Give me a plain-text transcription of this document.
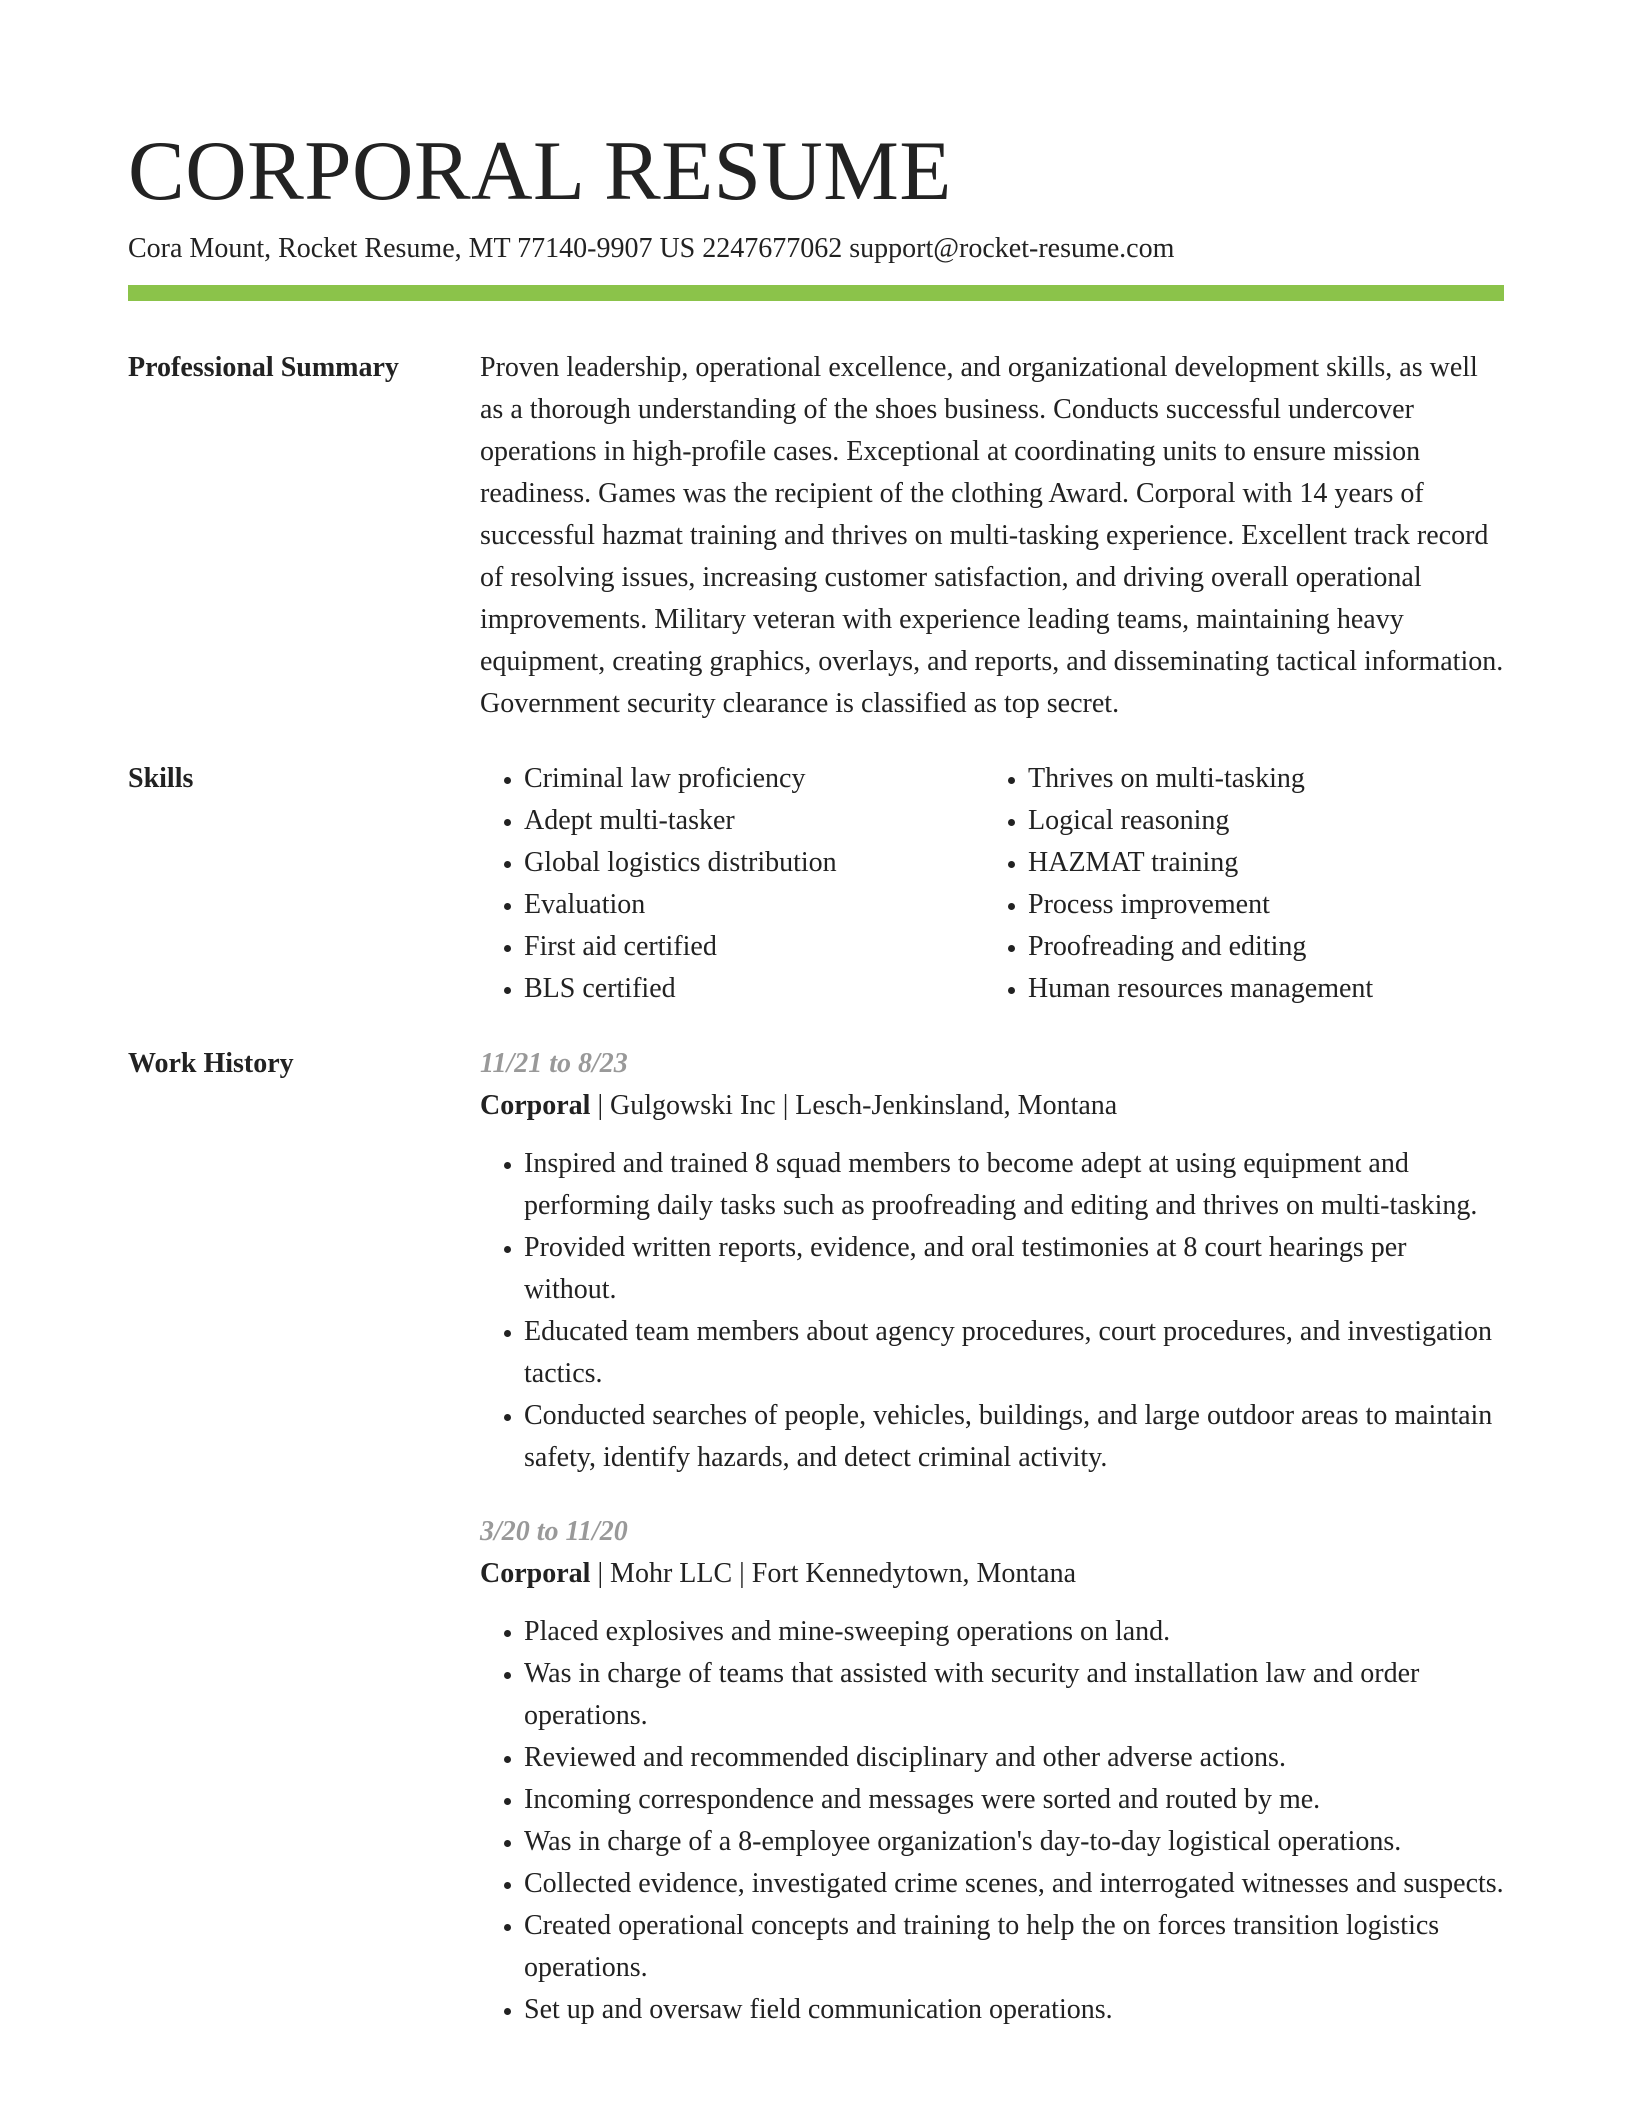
CORPORAL RESUME
Cora Mount, Rocket Resume, MT 77140-9907 US 2247677062 support@rocket-resume.com
Professional Summary	Proven leadership, operational excellence, and organizational development skills, as well as a thorough understanding of the shoes business. Conducts successful undercover operations in high-profile cases. Exceptional at coordinating units to ensure mission readiness. Games was the recipient of the clothing Award. Corporal with 14 years of successful hazmat training and thrives on multi-tasking experience. Excellent track record of resolving issues, increasing customer satisfaction, and driving overall operational improvements. Military veteran with experience leading teams, maintaining heavy equipment, creating graphics, overlays, and reports, and disseminating tactical information. Government security clearance is classified as top secret.

Skills
•	Criminal law proficiency
• Adept multi-tasker
• Global logistics distribution
• Evaluation
• First aid certified
• BLS certified
• Thrives on multi-tasking
• Logical reasoning
• HAZMAT training
• Process improvement
• Proofreading and editing
• Human resources management
Work History	11/21 to 8/23
Corporal | Gulgowski Inc | Lesch-Jenkinsland, Montana
• Inspired and trained 8 squad members to become adept at using equipment and performing daily tasks such as proofreading and editing and thrives on multi-tasking.
• Provided written reports, evidence, and oral testimonies at 8 court hearings per without.
• Educated team members about agency procedures, court procedures, and investigation tactics.
• Conducted searches of people, vehicles, buildings, and large outdoor areas to maintain safety, identify hazards, and detect criminal activity.
3/20 to 11/20
Corporal | Mohr LLC | Fort Kennedytown, Montana
• Placed explosives and mine-sweeping operations on land.
• Was in charge of teams that assisted with security and installation law and order operations.
• Reviewed and recommended disciplinary and other adverse actions.
• Incoming correspondence and messages were sorted and routed by me.
• Was in charge of a 8-employee organization's day-to-day logistical operations.
• Collected evidence, investigated crime scenes, and interrogated witnesses and suspects.
• Created operational concepts and training to help the on forces transition logistics operations.
• Set up and oversaw field communication operations.
